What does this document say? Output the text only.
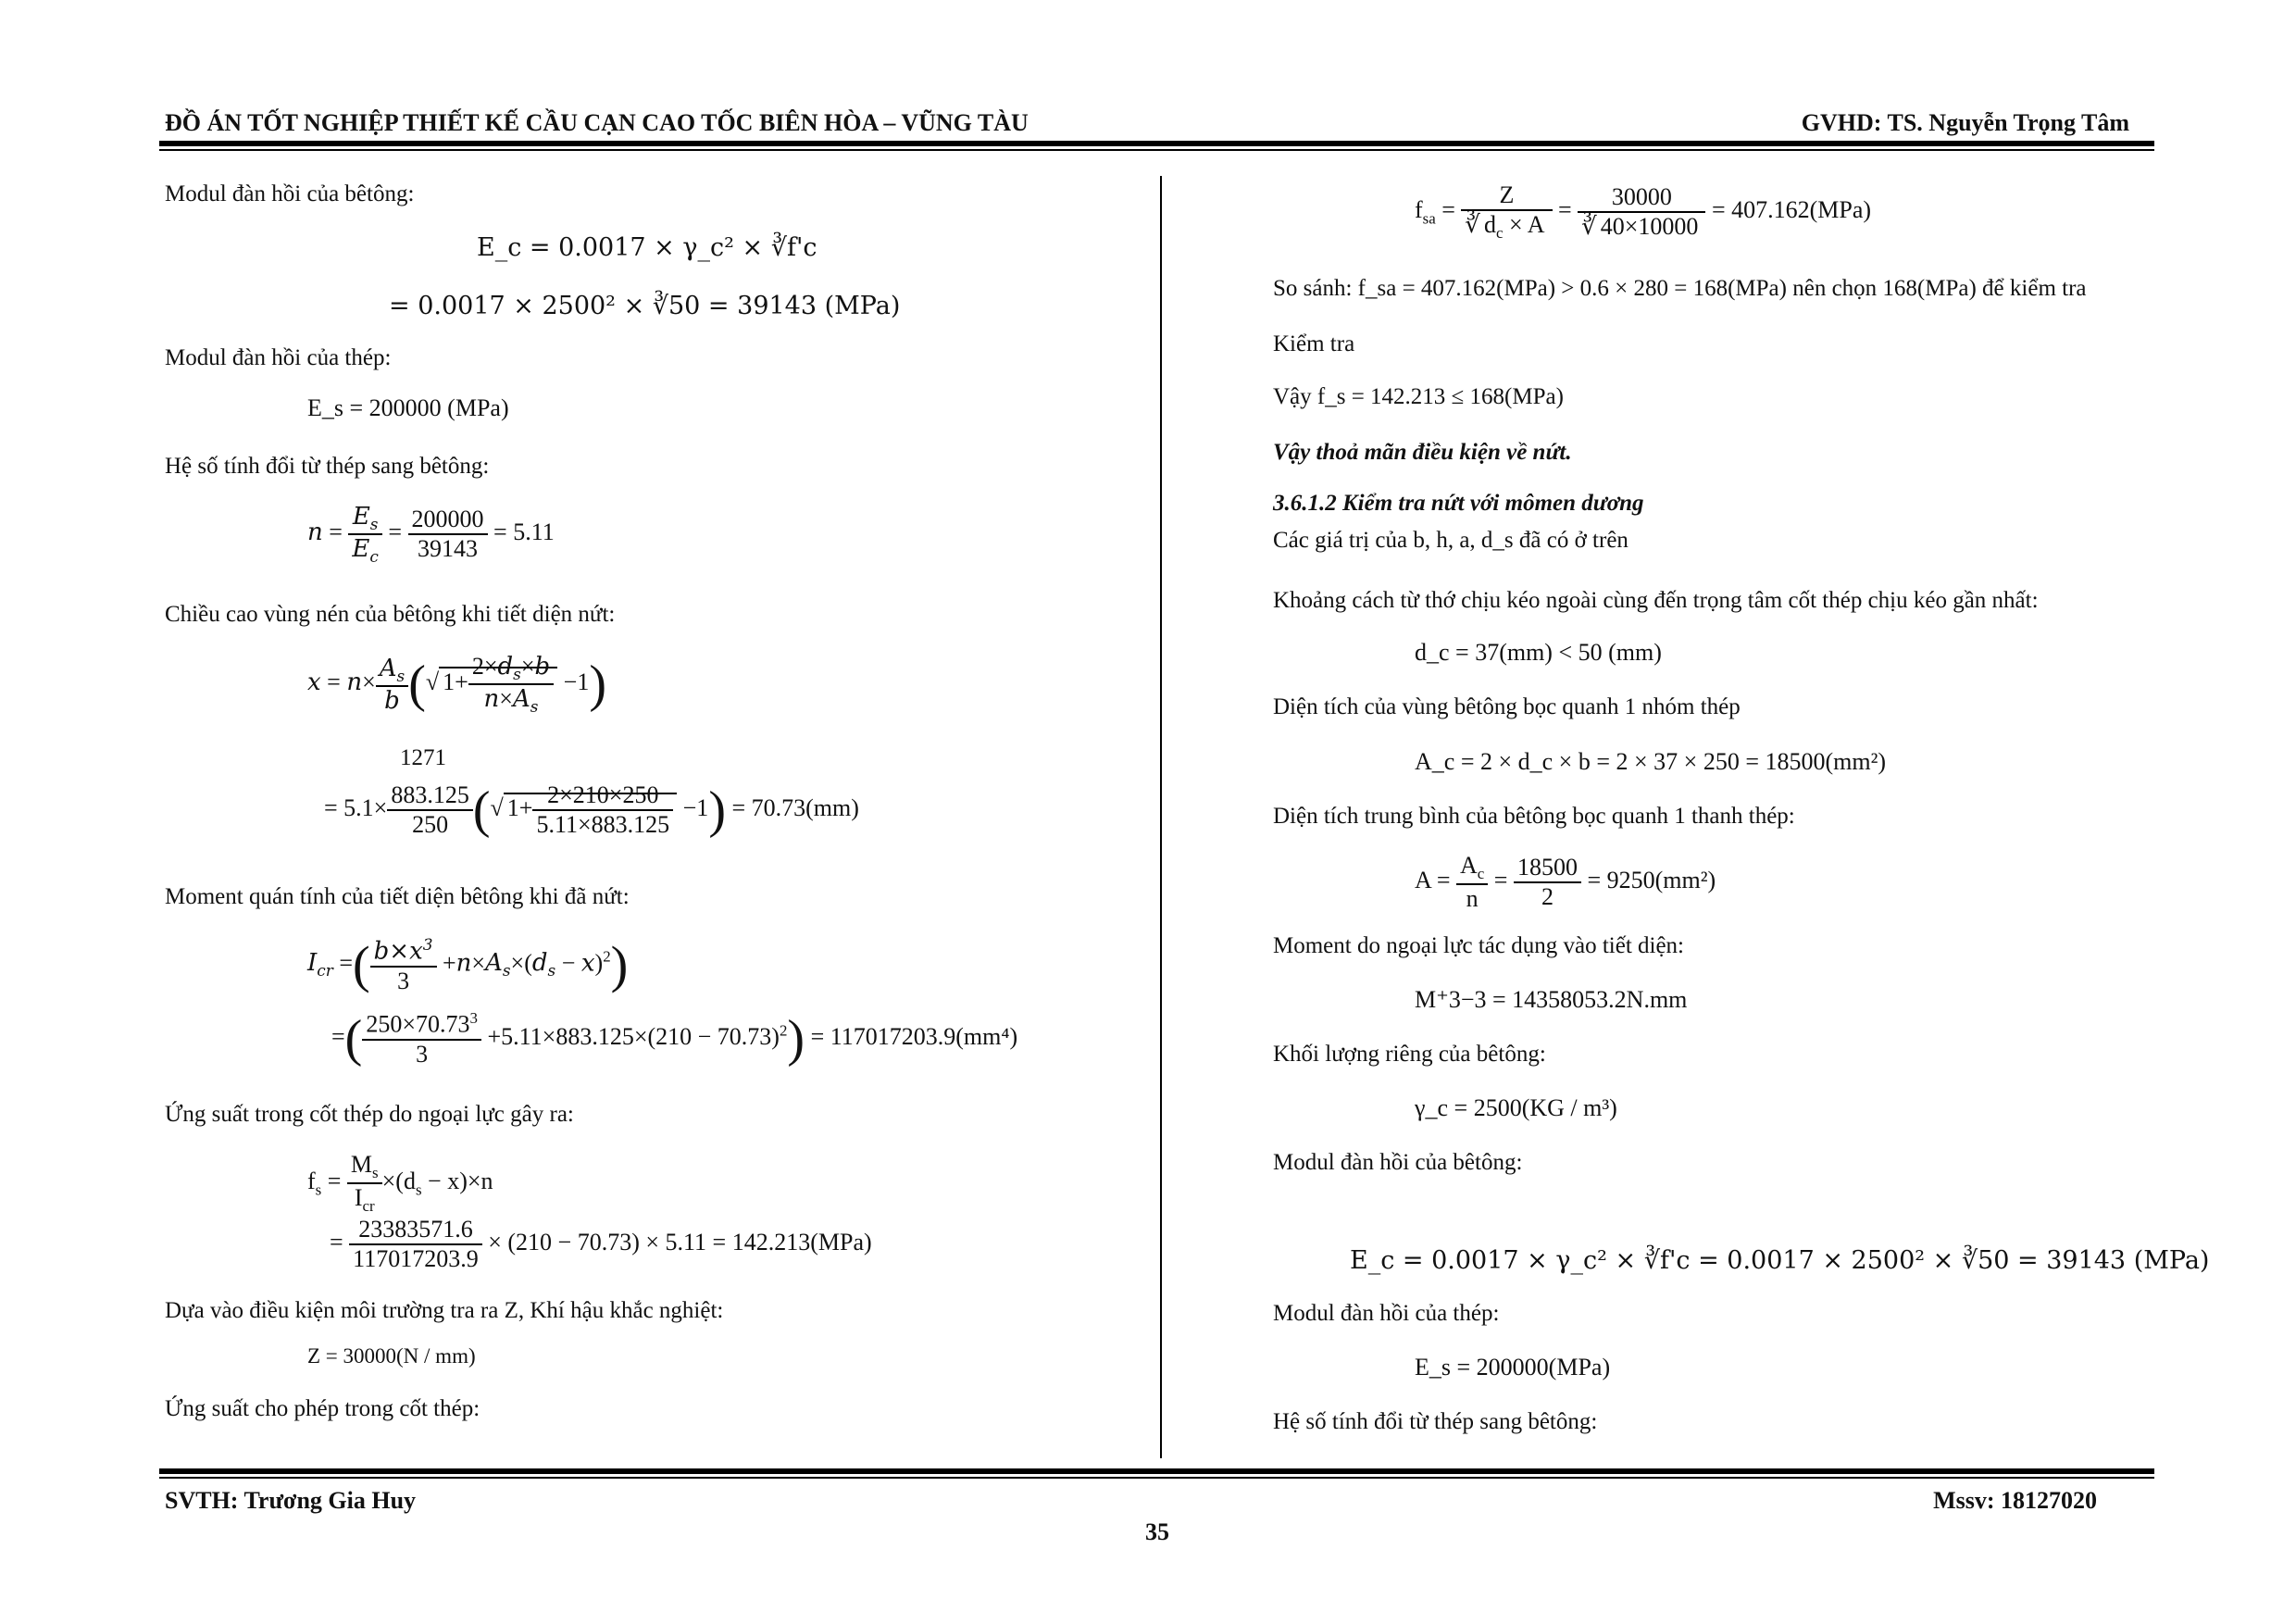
ĐỒ ÁN TỐT NGHIỆP THIẾT KẾ CẦU CẠN CAO TỐC BIÊN HÒA – VŨNG TÀU	GVHD: TS. Nguyễn Trọng Tâm
Modul đàn hồi của bêtông:
E_c = 0.0017 × γ_c² × ∛f'c
= 0.0017 × 2500² × ∛50 = 39143 (MPa)
Modul đàn hồi của thép:
E_s = 200000 (MPa)
Hệ số tính đổi từ thép sang bêtông:
$n = \frac{E_s}{E_c} = \frac{200000}{39143} = 5.11$
Chiều cao vùng nén của bêtông khi tiết diện nứt:
$x = n\times \frac{A_s}{b}$ (√ $1+ \frac{2\times d_s\times b}{n\times A_s} -1$)
1271
= $5.1\times \frac{883.125}{250}$ (√ $1+ \frac{2\times 210\times 250}{5.11\times 883.125} -1) = 70.73(mm)$
Moment quán tính của tiết diện bêtông khi đã nứt:
$I_{cr}$ =( $\frac{b\times x^3}{3} +n\times A_s\times(d_s - x)^2$)
=( $\frac{250\times 70.73^3}{3} +5.11\times 883.125\times(210 - 70.73)^2) = 117017203.9(mm^4)$
Ứng suất trong cốt thép do ngoại lực gây ra:
$f_s = \frac{M_s}{I_{cr}} \times(d_s - x)\times n$
= $\frac{23383571.6}{117017203.9} \times (210 - 70.73) \times 5.11 = 142.213(MPa)$
Dựa vào điều kiện môi trường tra ra Z, Khí hậu khắc nghiệt:
Z = 30000(N / mm)
Ứng suất cho phép trong cốt thép:
$f_{sa} = \frac{Z}{∛ d_c \times A} = \frac{30000}{∛ 40\times 10000} = 407.162(MPa)$
So sánh: f_sa = 407.162(MPa) > 0.6 × 280 = 168(MPa) nên chọn 168(MPa) để kiểm tra
Kiểm tra
Vậy f_s = 142.213 ≤ 168(MPa)
Vậy thoả mãn điều kiện về nứt.
3.6.1.2 Kiểm tra nứt với mômen dương
Các giá trị của b, h, a, d_s đã có ở trên
Khoảng cách từ thớ chịu kéo ngoài cùng đến trọng tâm cốt thép chịu kéo gần nhất:
d_c = 37(mm) < 50 (mm)
Diện tích của vùng bêtông bọc quanh 1 nhóm thép
A_c = 2 × d_c × b = 2 × 37 × 250 = 18500(mm²)
Diện tích trung bình của bêtông bọc quanh 1 thanh thép:
$A = \frac{A_c}{n} = \frac{18500}{2} = 9250(mm^2)$
Moment do ngoại lực tác dụng vào tiết diện:
M⁺3−3 = 14358053.2N.mm
Khối lượng riêng của bêtông:
γ_c = 2500(KG / m³)
Modul đàn hồi của bêtông:
E_c = 0.0017 × γ_c² × ∛f'c = 0.0017 × 2500² × ∛50 = 39143 (MPa)
Modul đàn hồi của thép:
E_s = 200000(MPa)
Hệ số tính đổi từ thép sang bêtông:
SVTH: Trương Gia Huy	Mssv: 18127020
35
